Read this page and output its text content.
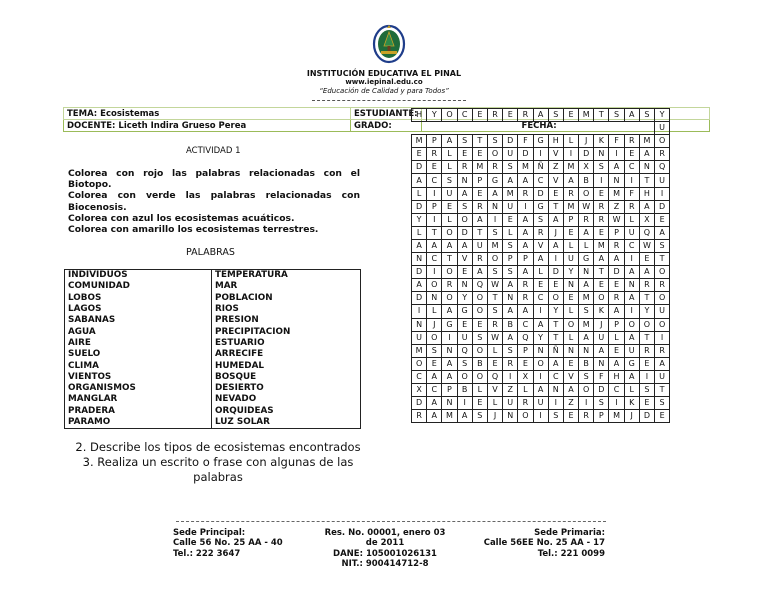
INSTITUCIÓN EDUCATIVA EL PINAL
www.iepinal.edu.co
“Educación de Calidad y para Todos”
TEMA: Ecosistemas	ESTUDIANTE:	
DOCENTE: Liceth Indira Grueso Perea	GRADO:	FECHA:
ACTIVIDAD 1

Colorea con rojo las palabras relacionadas con el Biotopo.

Colorea con verde las palabras relacionadas con Biocenosis.

Colorea con azul los ecosistemas acuáticos.

Colorea con amarillo los ecosistemas terrestres.

PALABRAS
INDIVIDUOS	TEMPERATURA
COMUNIDAD	MAR
LOBOS	POBLACION
LAGOS	RIOS
SABANAS	PRESION
AGUA	PRECIPITACION
AIRE	ESTUARIO
SUELO	ARRECIFE
CLIMA	HUMEDAL
VIENTOS	BOSQUE
ORGANISMOS	DESIERTO
MANGLAR	NEVADO
PRADERA	ORQUIDEAS
PARAMO	LUZ SOLAR
2. Describe los tipos de ecosistemas encontrados
3. Realiza un escrito o frase con algunas de las palabras
H	Y	O	C	E	R	E	R	A	S	E	M	T	S	A	S	Y
																U
M	P	A	S	T	S	D	F	G	H	L	J	K	F	R	M	O
E	R	L	E	E	O	U	D	I	V	I	D	N	I	E	A	R
D	E	L	R	M	R	S	M	Ñ	Z	M	X	S	A	C	N	Q
A	C	S	N	P	G	A	A	C	V	A	B	I	N	I	T	U
L	I	U	A	E	A	M	R	D	E	R	O	E	M	F	H	I
D	P	E	S	R	N	U	I	G	T	M	W	R	Z	R	A	D
Y	I	L	O	A	I	E	A	S	A	P	R	R	W	L	X	E
L	T	O	D	T	S	L	A	R	J	E	A	E	P	U	Q	A
A	A	A	A	U	M	S	A	V	A	L	L	M	R	C	W	S
N	C	T	V	R	O	P	P	A	I	U	G	A	A	I	E	T
D	I	O	E	A	S	S	A	L	D	Y	N	T	D	A	A	O
A	O	R	N	Q	W	A	R	E	E	N	A	E	E	N	R	R
D	N	O	Y	O	T	N	R	C	O	E	M	O	R	A	T	O
I	L	A	G	O	S	A	A	I	Y	L	S	K	A	I	Y	U
N	J	G	E	E	R	B	C	A	T	O	M	J	P	O	O	O
U	O	I	U	S	W	A	Q	Y	T	L	A	U	L	A	T	I
M	S	N	Q	O	L	S	P	N	Ñ	N	N	A	E	U	R	R
O	E	A	S	B	E	R	E	O	A	E	B	N	A	G	E	A
C	A	A	O	O	Q	I	X	I	C	V	S	F	H	A	I	U
X	C	P	B	L	V	Z	L	A	N	A	O	D	C	L	S	T
D	A	N	I	E	L	U	R	U	I	Z	I	S	I	K	E	S
R	A	M	A	S	J	N	O	I	S	E	R	P	M	J	D	E
Sede Principal:
Calle 56 No. 25 AA - 40
Tel.: 222 3647
Res. No. 00001, enero 03
de 2011
DANE: 105001026131
NIT.: 900414712-8
Sede Primaria:
Calle 56EE No. 25 AA - 17
Tel.: 221 0099
